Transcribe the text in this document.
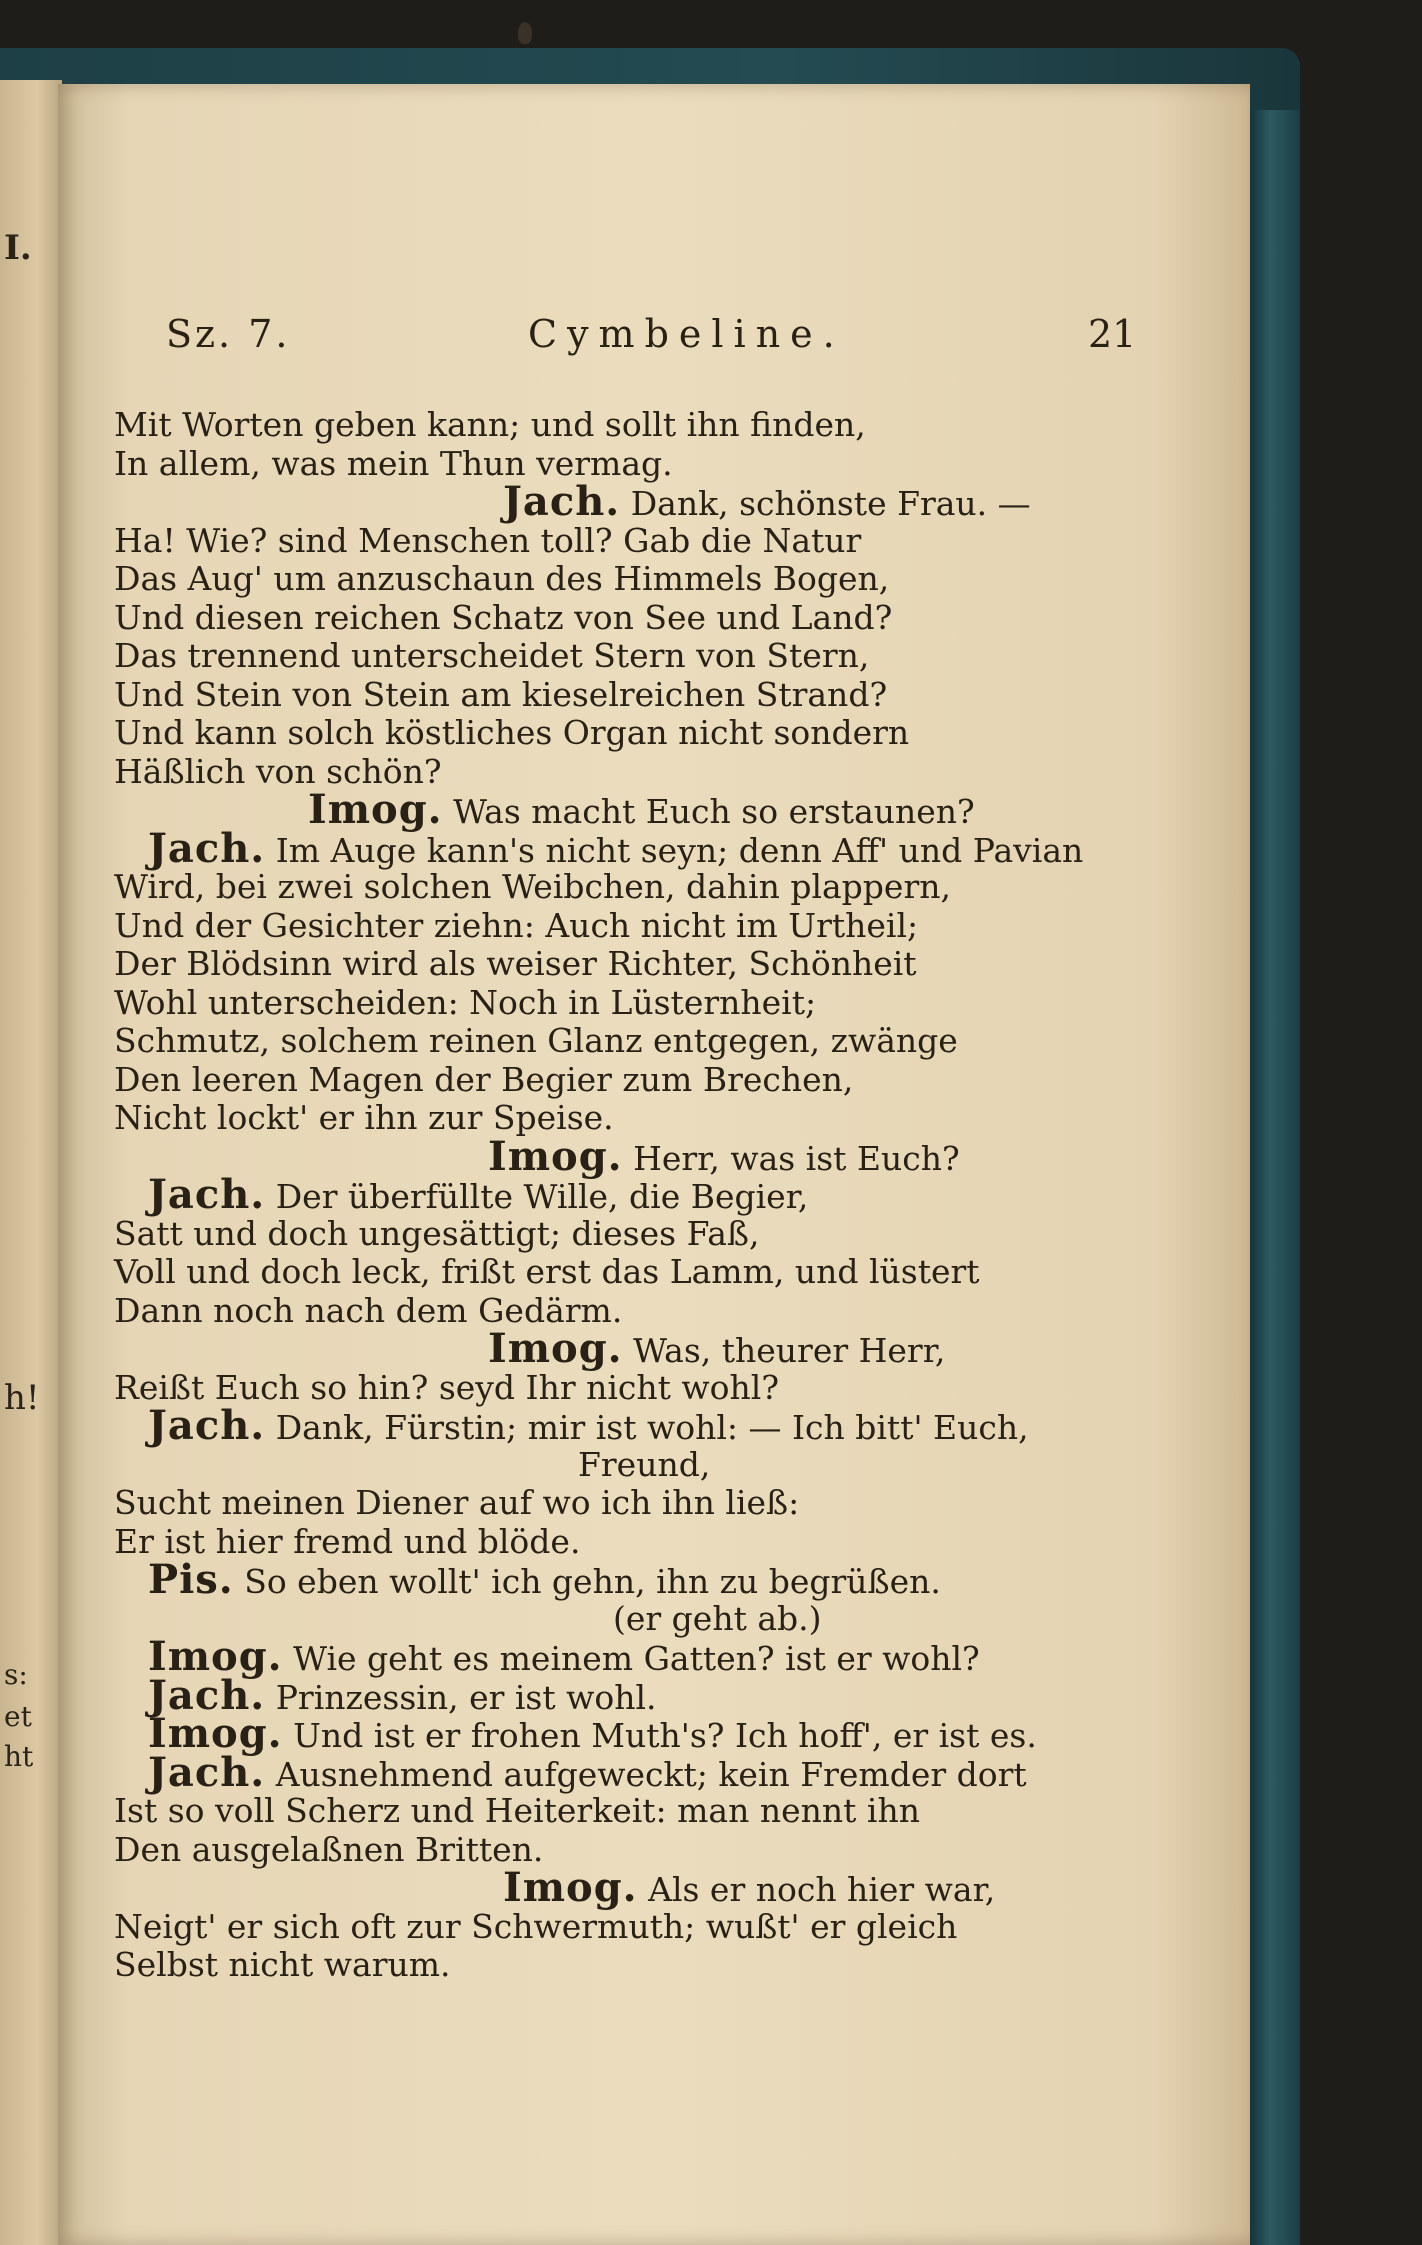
I.
h!
s:
et
ht
Sz. 7.	Cymbeline.	21
Mit Worten geben kann; und sollt ihn finden,
In allem, was mein Thun vermag.
Jach. Dank, schönste Frau. —
Ha! Wie? sind Menschen toll? Gab die Natur
Das Aug' um anzuschaun des Himmels Bogen,
Und diesen reichen Schatz von See und Land?
Das trennend unterscheidet Stern von Stern,
Und Stein von Stein am kieselreichen Strand?
Und kann solch köstliches Organ nicht sondern
Häßlich von schön?
Imog. Was macht Euch so erstaunen?
Jach. Im Auge kann's nicht seyn; denn Aff' und Pavian
Wird, bei zwei solchen Weibchen, dahin plappern,
Und der Gesichter ziehn: Auch nicht im Urtheil;
Der Blödsinn wird als weiser Richter, Schönheit
Wohl unterscheiden: Noch in Lüsternheit;
Schmutz, solchem reinen Glanz entgegen, zwänge
Den leeren Magen der Begier zum Brechen,
Nicht lockt' er ihn zur Speise.
Imog. Herr, was ist Euch?
Jach. Der überfüllte Wille, die Begier,
Satt und doch ungesättigt; dieses Faß,
Voll und doch leck, frißt erst das Lamm, und lüstert
Dann noch nach dem Gedärm.
Imog. Was, theurer Herr,
Reißt Euch so hin? seyd Ihr nicht wohl?
Jach. Dank, Fürstin; mir ist wohl: — Ich bitt' Euch,
Freund,
Sucht meinen Diener auf wo ich ihn ließ:
Er ist hier fremd und blöde.
Pis. So eben wollt' ich gehn, ihn zu begrüßen.
(er geht ab.)
Imog. Wie geht es meinem Gatten? ist er wohl?
Jach. Prinzessin, er ist wohl.
Imog. Und ist er frohen Muth's? Ich hoff', er ist es.
Jach. Ausnehmend aufgeweckt; kein Fremder dort
Ist so voll Scherz und Heiterkeit: man nennt ihn
Den ausgelaßnen Britten.
Imog. Als er noch hier war,
Neigt' er sich oft zur Schwermuth; wußt' er gleich
Selbst nicht warum.
